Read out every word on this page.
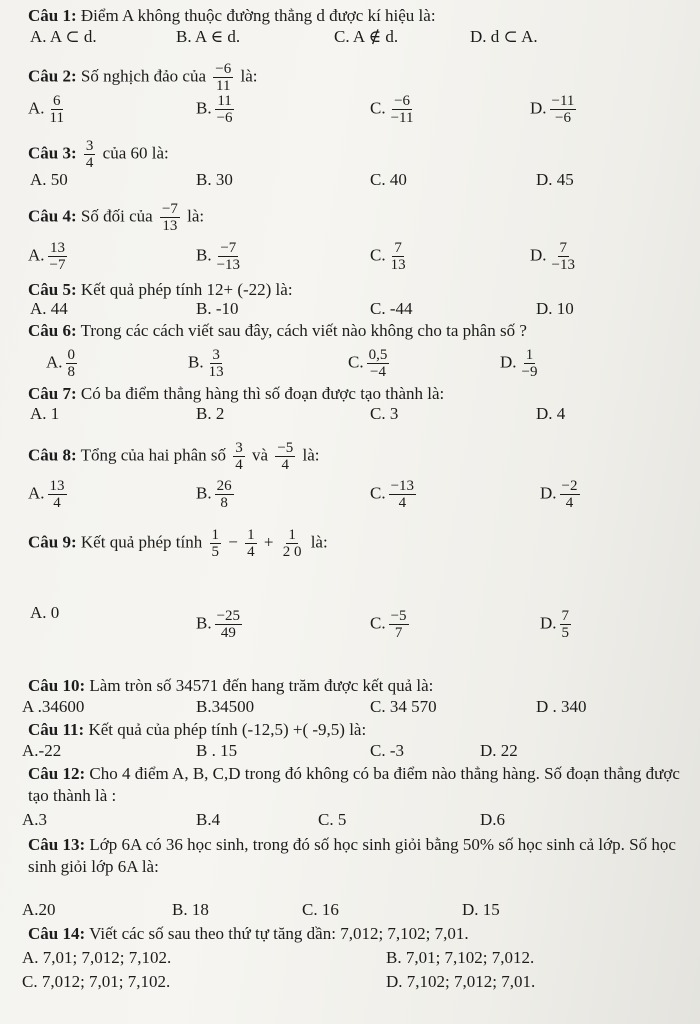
Câu 1: Điểm A không thuộc đường thẳng d được kí hiệu là:
A. A ⊂ d.	B. A ∈ d.	C. A ∉ d.	D. d ⊂ A.
Câu 2: Số nghịch đảo của $\frac{-6}{11}$ là:
A. $\frac{6}{11}$	B. $\frac{11}{-6}$	C. $\frac{-6}{-11}$	D. $\frac{-11}{-6}$
Câu 3: $\frac{3}{4}$ của 60 là:
A. 50	B. 30	C. 40	D. 45
Câu 4: Số đối của $\frac{-7}{13}$ là:
A. $\frac{13}{-7}$	B. $\frac{-7}{-13}$	C. $\frac{7}{13}$	D. $\frac{7}{-13}$
Câu 5: Kết quả phép tính 12+ (-22) là:
A. 44	B. -10	C. -44	D. 10
Câu 6: Trong các cách viết sau đây, cách viết nào không cho ta phân số ?
A. $\frac{0}{8}$	B. $\frac{3}{13}$	C. $\frac{0,5}{-4}$	D. $\frac{1}{-9}$
Câu 7: Có ba điểm thẳng hàng thì số đoạn được tạo thành là:
A. 1	B. 2	C. 3	D. 4
Câu 8: Tổng của hai phân số $\frac{3}{4}$ và $\frac{-5}{4}$ là:
A. $\frac{13}{4}$	B. $\frac{26}{8}$	C. $\frac{-13}{4}$	D. $\frac{-2}{4}$
Câu 9: Kết quả phép tính $\frac{1}{5} - \frac{1}{4} + \frac{1}{2 0}$ là:
A. 0
B. $\frac{-25}{49}$	C. $\frac{-5}{7}$	D. $\frac{7}{5}$
Câu 10: Làm tròn số 34571 đến hang trăm được kết quả là:
A .34600	B.34500	C. 34 570	D . 340
Câu 11: Kết quả của phép tính (-12,5) +( -9,5) là:
A.-22	B . 15	C. -3	D. 22
Câu 12: Cho 4 điểm A, B, C,D trong đó không có ba điểm nào thẳng hàng. Số đoạn thẳng được tạo thành là :
A.3	B.4	C. 5	D.6
Câu 13: Lớp 6A có 36 học sinh, trong đó số học sinh giỏi bằng 50% số học sinh cả lớp. Số học sinh giỏi lớp 6A là:
A.20	B. 18	C. 16	D. 15
Câu 14: Viết các số sau theo thứ tự tăng dần: 7,012; 7,102; 7,01.
A. 7,01; 7,012; 7,102.	B. 7,01; 7,102; 7,012.
C. 7,012; 7,01; 7,102.	D. 7,102; 7,012; 7,01.
